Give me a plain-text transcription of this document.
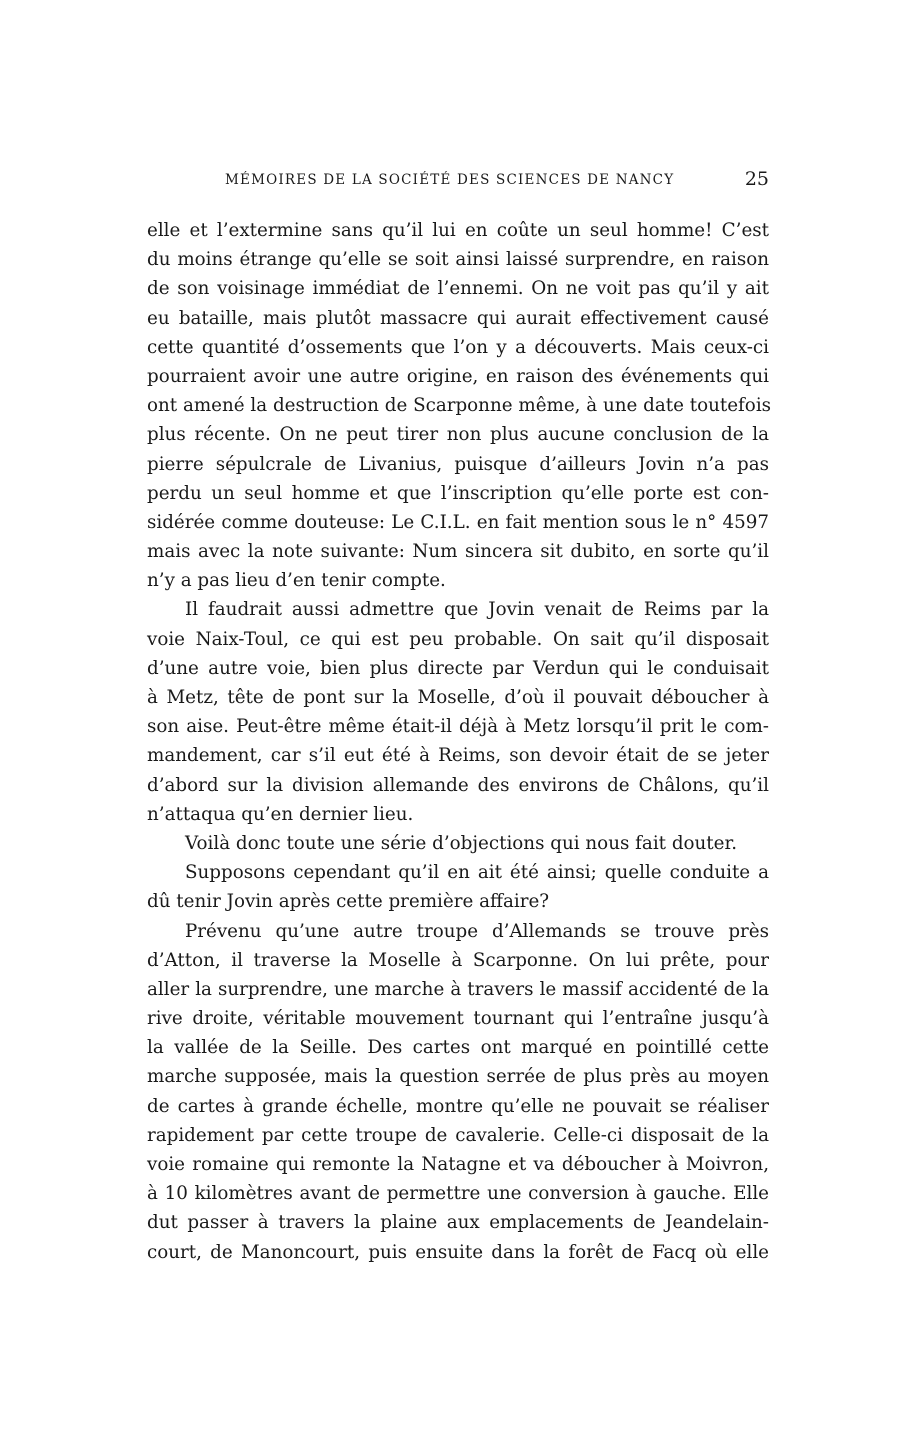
MÉMOIRES DE LA SOCIÉTÉ DES SCIENCES DE NANCY	25
elle et l’extermine sans qu’il lui en coûte un seul homme! C’est
du moins étrange qu’elle se soit ainsi laissé surprendre, en raison
de son voisinage immédiat de l’ennemi. On ne voit pas qu’il y ait
eu bataille, mais plutôt massacre qui aurait effectivement causé
cette quantité d’ossements que l’on y a découverts. Mais ceux-ci
pourraient avoir une autre origine, en raison des événements qui
ont amené la destruction de Scarponne même, à une date toutefois
plus récente. On ne peut tirer non plus aucune conclusion de la
pierre sépulcrale de Livanius, puisque d’ailleurs Jovin n’a pas
perdu un seul homme et que l’inscription qu’elle porte est con-
sidérée comme douteuse: Le C.I.L. en fait mention sous le n° 4597
mais avec la note suivante: Num sincera sit dubito, en sorte qu’il
n’y a pas lieu d’en tenir compte.
Il faudrait aussi admettre que Jovin venait de Reims par la
voie Naix-Toul, ce qui est peu probable. On sait qu’il disposait
d’une autre voie, bien plus directe par Verdun qui le conduisait
à Metz, tête de pont sur la Moselle, d’où il pouvait déboucher à
son aise. Peut-être même était-il déjà à Metz lorsqu’il prit le com-
mandement, car s’il eut été à Reims, son devoir était de se jeter
d’abord sur la division allemande des environs de Châlons, qu’il
n’attaqua qu’en dernier lieu.
Voilà donc toute une série d’objections qui nous fait douter.
Supposons cependant qu’il en ait été ainsi; quelle conduite a
dû tenir Jovin après cette première affaire?
Prévenu qu’une autre troupe d’Allemands se trouve près
d’Atton, il traverse la Moselle à Scarponne. On lui prête, pour
aller la surprendre, une marche à travers le massif accidenté de la
rive droite, véritable mouvement tournant qui l’entraîne jusqu’à
la vallée de la Seille. Des cartes ont marqué en pointillé cette
marche supposée, mais la question serrée de plus près au moyen
de cartes à grande échelle, montre qu’elle ne pouvait se réaliser
rapidement par cette troupe de cavalerie. Celle-ci disposait de la
voie romaine qui remonte la Natagne et va déboucher à Moivron,
à 10 kilomètres avant de permettre une conversion à gauche. Elle
dut passer à travers la plaine aux emplacements de Jeandelain-
court, de Manoncourt, puis ensuite dans la forêt de Facq où elle
